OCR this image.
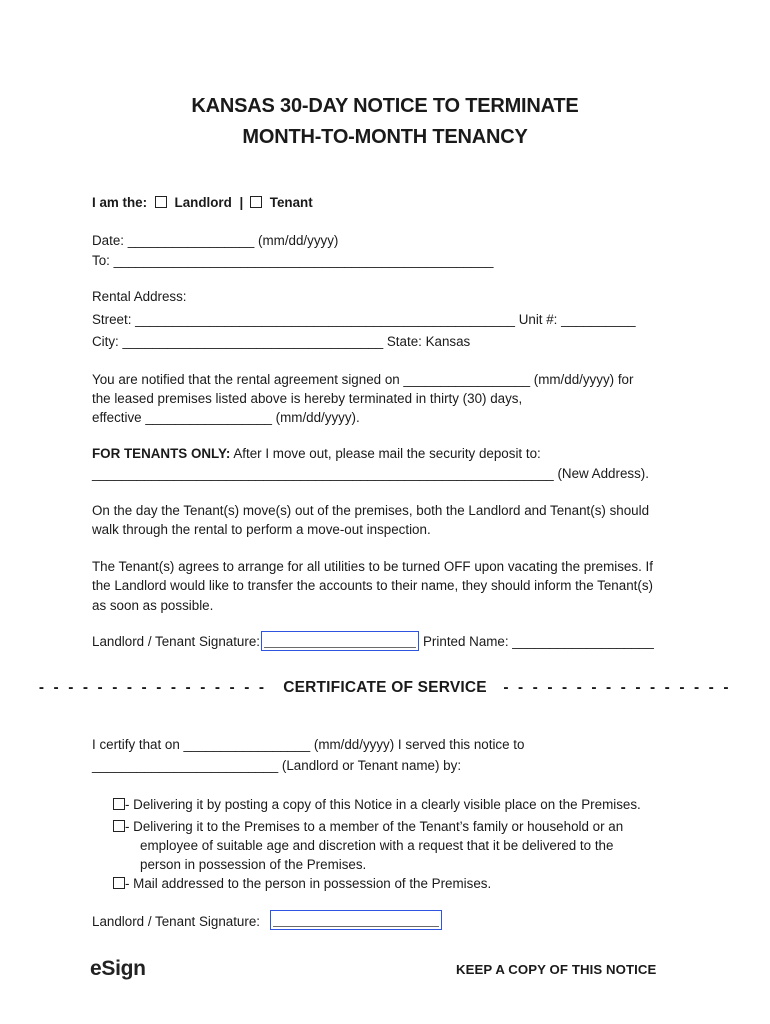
KANSAS 30-DAY NOTICE TO TERMINATE
MONTH-TO-MONTH TENANCY
I am the: Landlord | Tenant
Date: _________________ (mm/dd/yyyy)
To: ___________________________________________________
Rental Address:
Street: ___________________________________________________ Unit #: __________
City: ___________________________________ State: Kansas
You are notified that the rental agreement signed on _________________ (mm/dd/yyyy) for
the leased premises listed above is hereby terminated in thirty (30) days,
effective _________________ (mm/dd/yyyy).
FOR TENANTS ONLY: After I move out, please mail the security deposit to:
______________________________________________________________ (New Address).
On the day the Tenant(s) move(s) out of the premises, both the Landlord and Tenant(s) should
walk through the rental to perform a move-out inspection.
The Tenant(s) agrees to arrange for all utilities to be turned OFF upon vacating the premises. If
the Landlord would like to transfer the accounts to their name, they should inform the Tenant(s)
as soon as possible.
Landlord / Tenant Signature:	Printed Name: ___________________
- - - - - - - - - - - - - - - - CERTIFICATE OF SERVICE - - - - - - - - - - - - - - - -
I certify that on _________________ (mm/dd/yyyy) I served this notice to
_________________________ (Landlord or Tenant name) by:
- Delivering it by posting a copy of this Notice in a clearly visible place on the Premises.
- Delivering it to the Premises to a member of the Tenant’s family or household or an
employee of suitable age and discretion with a request that it be delivered to the
person in possession of the Premises.
- Mail addressed to the person in possession of the Premises.
Landlord / Tenant Signature:
eSign	KEEP A COPY OF THIS NOTICE
